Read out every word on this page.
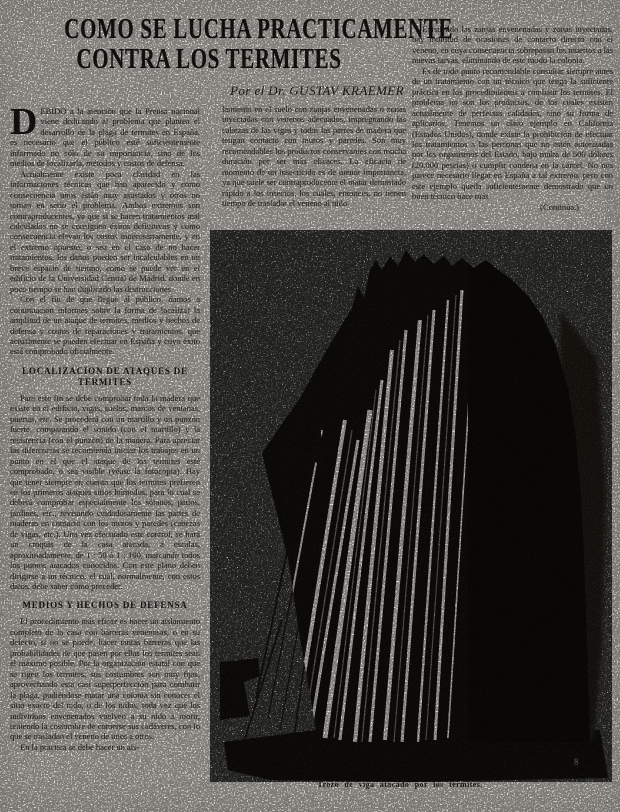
COMO SE LUCHA PRACTICAMENTE
CONTRA LOS TERMITES
Por el Dr. GUSTAV KRAEMER

DEBIDO a la atención que la Prensa nacional viene dedicando al problema que plantea el desarrollo de la plaga de termites en España, es necesario que el público esté suficientemente informado no sólo de su importancia, sino de los medios de localizarla, métodos y costos de defensa.

Actualmente existe poca claridad en las informaciones técnicas que han aparecido y como consecuencia unos están muy asustados y otros no toman en serio el problema. Ambos extremos son contraproducentes, ya que si se hacen tratamientos mal calculados no se consiguen éxitos definitivos y como consecuencia elevan los costos innecesariamente, y en el extremo opuesto, o sea en el caso de no hacer tratamientos, los daños pueden ser incalculables en un breve espacio de tiempo, como se puede ver en el edificio de la Universidad Central de Madrid, donde en poco tiempo se han duplicado las destrucciones.

Con el fin de que llegue al público, damos a continuación informes sobre la forma de localizar la amplitud de un ataque de termites, medios y hechos de defensa y costos de reparaciones y tratamientos, que actualmente se pueden efectuar en España y cuyo éxito está comprobado oficialmente.

LOCALIZACION DE ATAQUES DE TERMITES

Para este fin se debe comprobar toda la madera que existe en el edificio, vigas, suelos, marcos de ventanas, puertas, etc. Se procederá con un martillo y un punzón fuerte, comparando el sonido (con el martillo) y la resistencia (con el punzón) de la madera. Para apreciar las diferencias se recomienda iniciar los trabajos en un punto en el que el ataque de los termites esté comprobado, o sea visible (véase la fotocopia). Hay que tener siempre en cuenta que los termites prefieren en los primeros ataques sitios húmedos, para lo cual se deberá comprobar especialmente los sótanos, patios, jardines, etc., revisando cuidadosamente las partes de maderas en contacto con los muros y paredes (cabezas de vigas, etc.). Una vez efectuado este control, se hará un croquis de la casa atacada, a escalas, aproximadamente, de 1 : 50 ó 1 : 100, marcando todos los puntos atacados conocidos. Con este plano deben dirigirse a un técnico, el cual, normalmente, con estos datos, debe saber cómo proceder.

MEDIOS Y HECHOS DE DEFENSA

El procedimiento más eficaz es hacer un aislamiento completo de la casa con barreras venenosas, o en su defecto, si no se puede, hacer tantas barreras que las probabilidades de que pasen por ellas los termites sean el máximo posible. Por la organización estatal con que se rigen los termites, sus costumbres son muy fijas, aprovechando esta casi superperfección para combatir la plaga, pudiéndose matar una colonia sin conocer el sitio exacto del nido, o de los nidos, toda vez que los individuos envenenados vuelven a su nido a morir, teniendo la costumbre de comerse sus cadáveres, con lo que se trasladan el veneno de unos a otros.

En la práctica se debe hacer un ais-

lamiento en el suelo con zanjas envenenadas o zonas inyectadas con venenos adecuados, impregnando las cabezas de las vigas y todas las partes de madera que tengan contacto con muros y paredes. Son muy recomendables los productos conservantes con mucha duración por ser más eficaces. La eficacia de momento de un insecticida es de menor importancia, ya que suele ser contraproducente el matar demasiado rápido a los insectos, los cuales, entonces, no tienen tiempo de trasladar el veneno al nido.

Existiendo las zanjas envenenadas y zonas inyectadas, hay multitud de ocasiones de contacto directo con el veneno, en cuya consecuencia sobrepasan los muertos a las nuevas larvas, eliminando de este modo la colonia.

Es de todo punto recomendable consultar siempre antes de un tratamiento con un técnico que tenga la suficiente práctica en los procedimientos a combatir los termites. El problema no son los productos, de los cuales existen actualmente de perfectas calidades, sino su forma de aplicarlos. Tenemos un claro ejemplo en California (Estados Unidos), donde existe la prohibición de efectuar los tratamientos a las personas que no estén autorizadas por los organismos del Estado, bajo multa de 500 dólares (20.000 pesetas) o cumplir condena en la cárcel. No nos parece necesario llegar en España a tal extremo, pero con este ejemplo queda suficientemente demostrado que un buen técnico hace más

(Continúa.)
Trozo de viga atacado por los termites.
8
